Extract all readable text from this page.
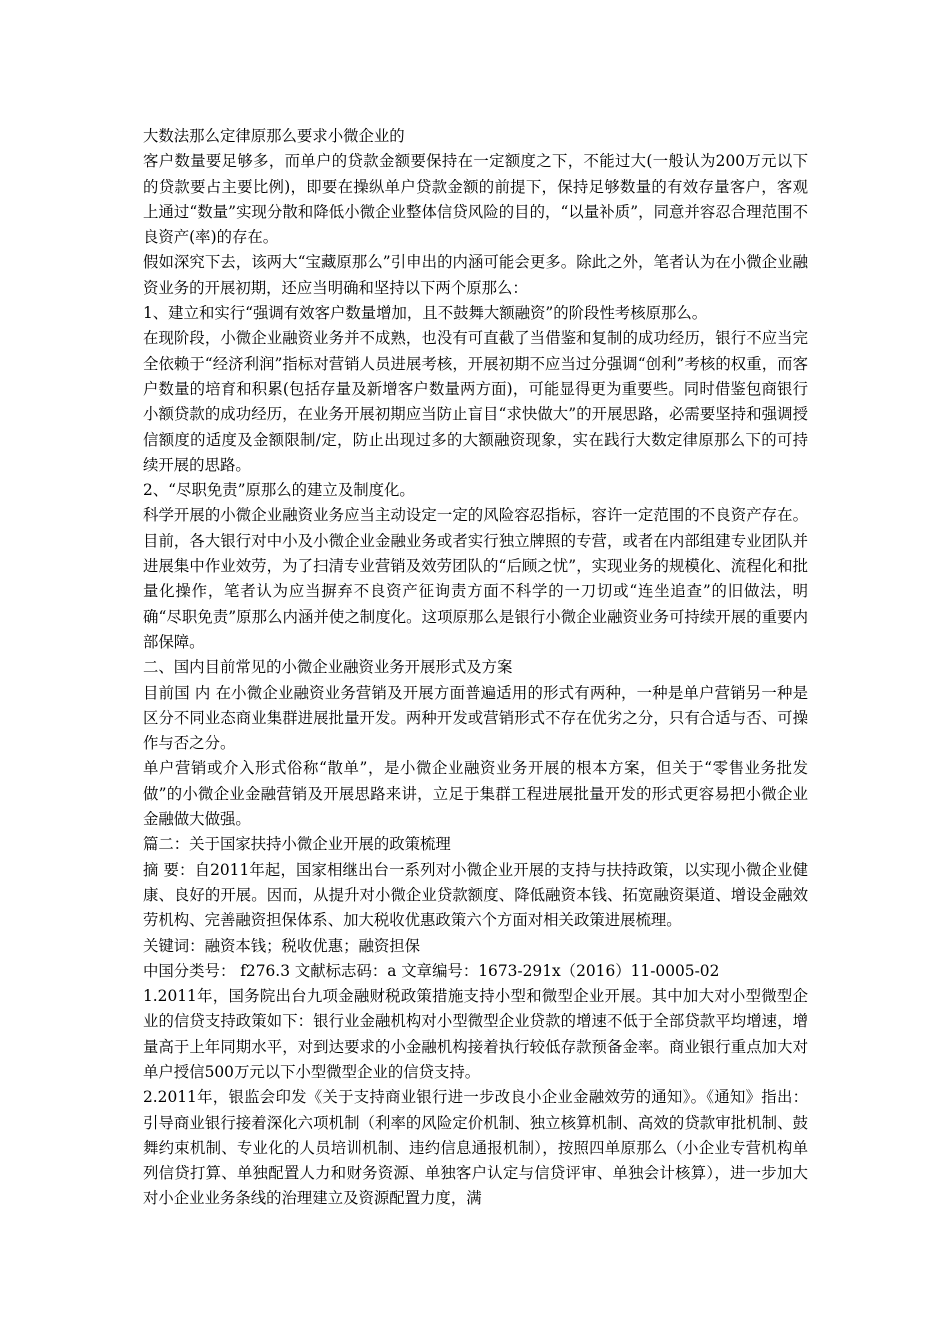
大数法那么定律原那么要求小微企业的

客户数量要足够多，而单户的贷款金额要保持在一定额度之下，不能过大(一般认为200万元以下的贷款要占主要比例)，即要在操纵单户贷款金额的前提下，保持足够数量的有效存量客户，客观上通过“数量”实现分散和降低小微企业整体信贷风险的目的，“以量补质”，同意并容忍合理范围不良资产(率)的存在。

假如深究下去，该两大“宝藏原那么”引申出的内涵可能会更多。除此之外，笔者认为在小微企业融资业务的开展初期，还应当明确和坚持以下两个原那么：

1、建立和实行“强调有效客户数量增加，且不鼓舞大额融资”的阶段性考核原那么。

在现阶段，小微企业融资业务并不成熟，也没有可直截了当借鉴和复制的成功经历，银行不应当完全依赖于“经济利润”指标对营销人员进展考核，开展初期不应当过分强调“创利”考核的权重，而客户数量的培育和积累(包括存量及新增客户数量两方面)，可能显得更为重要些。同时借鉴包商银行小额贷款的成功经历，在业务开展初期应当防止盲目“求快做大”的开展思路，必需要坚持和强调授信额度的适度及金额限制/定，防止出现过多的大额融资现象，实在践行大数定律原那么下的可持续开展的思路。

2、“尽职免责”原那么的建立及制度化。

科学开展的小微企业融资业务应当主动设定一定的风险容忍指标，容许一定范围的不良资产存在。目前，各大银行对中小及小微企业金融业务或者实行独立牌照的专营，或者在内部组建专业团队并进展集中作业效劳，为了扫清专业营销及效劳团队的“后顾之忧”，实现业务的规模化、流程化和批量化操作，笔者认为应当摒弃不良资产征询责方面不科学的一刀切或“连坐追查”的旧做法，明确“尽职免责”原那么内涵并使之制度化。这项原那么是银行小微企业融资业务可持续开展的重要内部保障。

二、国内目前常见的小微企业融资业务开展形式及方案

目前国 内 在小微企业融资业务营销及开展方面普遍适用的形式有两种，一种是单户营销另一种是区分不同业态商业集群进展批量开发。两种开发或营销形式不存在优劣之分，只有合适与否、可操作与否之分。

单户营销或介入形式俗称“散单”，是小微企业融资业务开展的根本方案，但关于“零售业务批发做”的小微企业金融营销及开展思路来讲，立足于集群工程进展批量开发的形式更容易把小微企业金融做大做强。

篇二：关于国家扶持小微企业开展的政策梳理

摘 要：自2011年起，国家相继出台一系列对小微企业开展的支持与扶持政策，以实现小微企业健康、良好的开展。因而，从提升对小微企业贷款额度、降低融资本钱、拓宽融资渠道、增设金融效劳机构、完善融资担保体系、加大税收优惠政策六个方面对相关政策进展梳理。

关键词：融资本钱；税收优惠；融资担保

中国分类号： f276.3 文献标志码：a 文章编号：1673-291x（2016）11-0005-02

1.2011年，国务院出台九项金融财税政策措施支持小型和微型企业开展。其中加大对小型微型企业的信贷支持政策如下：银行业金融机构对小型微型企业贷款的增速不低于全部贷款平均增速，增量高于上年同期水平，对到达要求的小金融机构接着执行较低存款预备金率。商业银行重点加大对单户授信500万元以下小型微型企业的信贷支持。

2.2011年，银监会印发《关于支持商业银行进一步改良小企业金融效劳的通知》。《通知》指出：引导商业银行接着深化六项机制（利率的风险定价机制、独立核算机制、高效的贷款审批机制、鼓舞约束机制、专业化的人员培训机制、违约信息通报机制），按照四单原那么（小企业专营机构单列信贷打算、单独配置人力和财务资源、单独客户认定与信贷评审、单独会计核算），进一步加大对小企业业务条线的治理建立及资源配置力度，满
